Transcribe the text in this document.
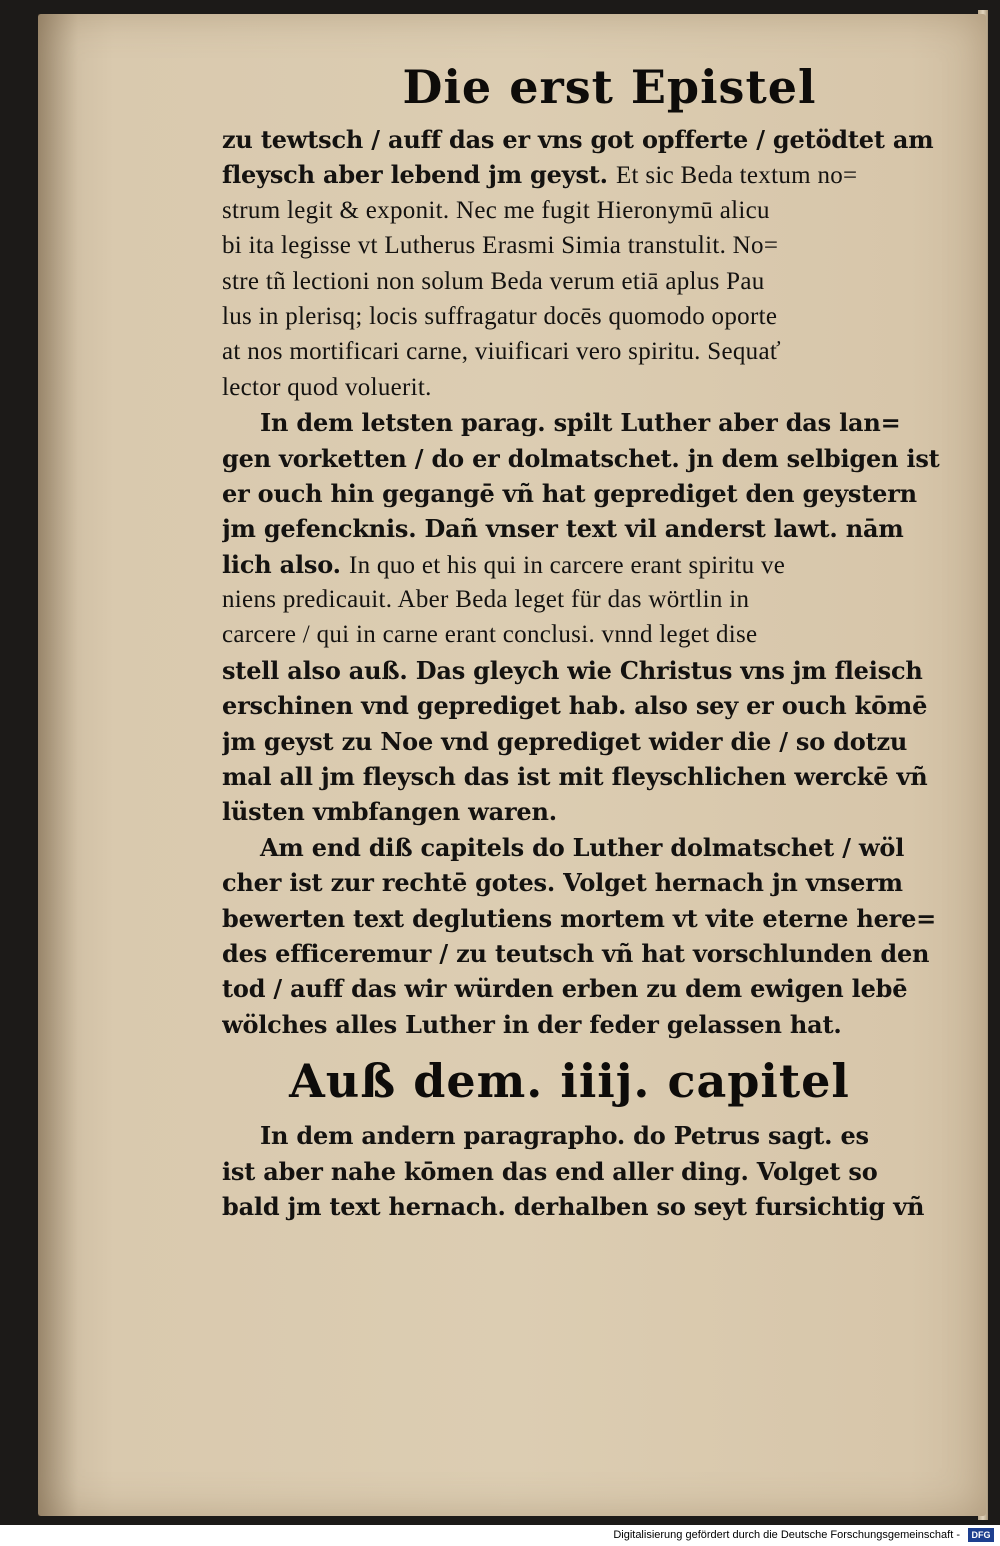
Die erst Epistel
zu tewtsch / auff das er vns got opfferte / getödtet am
fleysch aber lebend jm geyst. Et sic Beda textum no=
strum legit & exponit. Nec me fugit Hieronymū alicu
bi ita legisse vt Lutherus Erasmi Simia transtulit. No=
stre tñ lectioni non solum Beda verum etiā aplus Pau
lus in plerisq; locis suffragatur docēs quomodo oporte
at nos mortificari carne, viuificari vero spiritu. Sequať
lector quod voluerit.
In dem letsten parag. spilt Luther aber das lan=
gen vorketten / do er dolmatschet. jn dem selbigen ist
er ouch hin gegangē vñ hat geprediget den geystern
jm gefencknis. Dañ vnser text vil anderst lawt. nām
lich also. In quo et his qui in carcere erant spiritu ve
niens predicauit. Aber Beda leget für das wörtlin in
carcere / qui in carne erant conclusi. vnnd leget dise
stell also auß. Das gleych wie Christus vns jm fleisch
erschinen vnd geprediget hab. also sey er ouch kōmē
jm geyst zu Noe vnd geprediget wider die / so dotzu
mal all jm fleysch das ist mit fleyschlichen werckē vñ
lüsten vmbfangen waren.
Am end diß capitels do Luther dolmatschet / wöl
cher ist zur rechtē gotes. Volget hernach jn vnserm
bewerten text deglutiens mortem vt vite eterne here=
des efficeremur / zu teutsch vñ hat vorschlunden den
tod / auff das wir würden erben zu dem ewigen lebē
wölches alles Luther in der feder gelassen hat.
Auß dem. iiij. capitel
In dem andern paragrapho. do Petrus sagt. es
ist aber nahe kōmen das end aller ding. Volget so
bald jm text hernach. derhalben so seyt fursichtig vñ
Digitalisierung gefördert durch die Deutsche Forschungsgemeinschaft -	DFG
